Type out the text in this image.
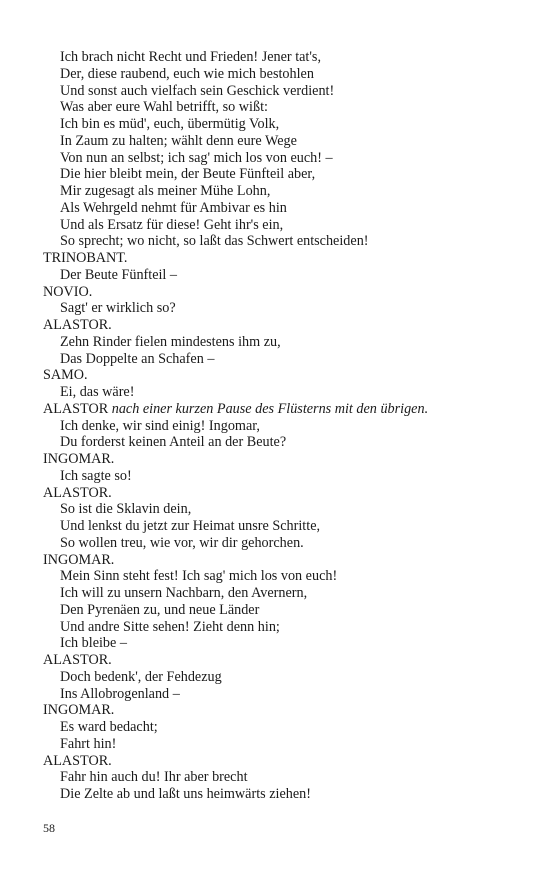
Ich brach nicht Recht und Frieden! Jener tat's,
Der, diese raubend, euch wie mich bestohlen
Und sonst auch vielfach sein Geschick verdient!
Was aber eure Wahl betrifft, so wißt:
Ich bin es müd', euch, übermütig Volk,
In Zaum zu halten; wählt denn eure Wege
Von nun an selbst; ich sag' mich los von euch! –
Die hier bleibt mein, der Beute Fünfteil aber,
Mir zugesagt als meiner Mühe Lohn,
Als Wehrgeld nehmt für Ambivar es hin
Und als Ersatz für diese! Geht ihr's ein,
So sprecht; wo nicht, so laßt das Schwert entscheiden!
TRINOBANT.
Der Beute Fünfteil –
NOVIO.
Sagt' er wirklich so?
ALASTOR.
Zehn Rinder fielen mindestens ihm zu,
Das Doppelte an Schafen –
SAMO.
Ei, das wäre!
ALASTOR nach einer kurzen Pause des Flüsterns mit den übrigen.
Ich denke, wir sind einig! Ingomar,
Du forderst keinen Anteil an der Beute?
INGOMAR.
Ich sagte so!
ALASTOR.
So ist die Sklavin dein,
Und lenkst du jetzt zur Heimat unsre Schritte,
So wollen treu, wie vor, wir dir gehorchen.
INGOMAR.
Mein Sinn steht fest! Ich sag' mich los von euch!
Ich will zu unsern Nachbarn, den Avernern,
Den Pyrenäen zu, und neue Länder
Und andre Sitte sehen! Zieht denn hin;
Ich bleibe –
ALASTOR.
Doch bedenk', der Fehdezug
Ins Allobrogenland –
INGOMAR.
Es ward bedacht;
Fahrt hin!
ALASTOR.
Fahr hin auch du! Ihr aber brecht
Die Zelte ab und laßt uns heimwärts ziehen!
58
